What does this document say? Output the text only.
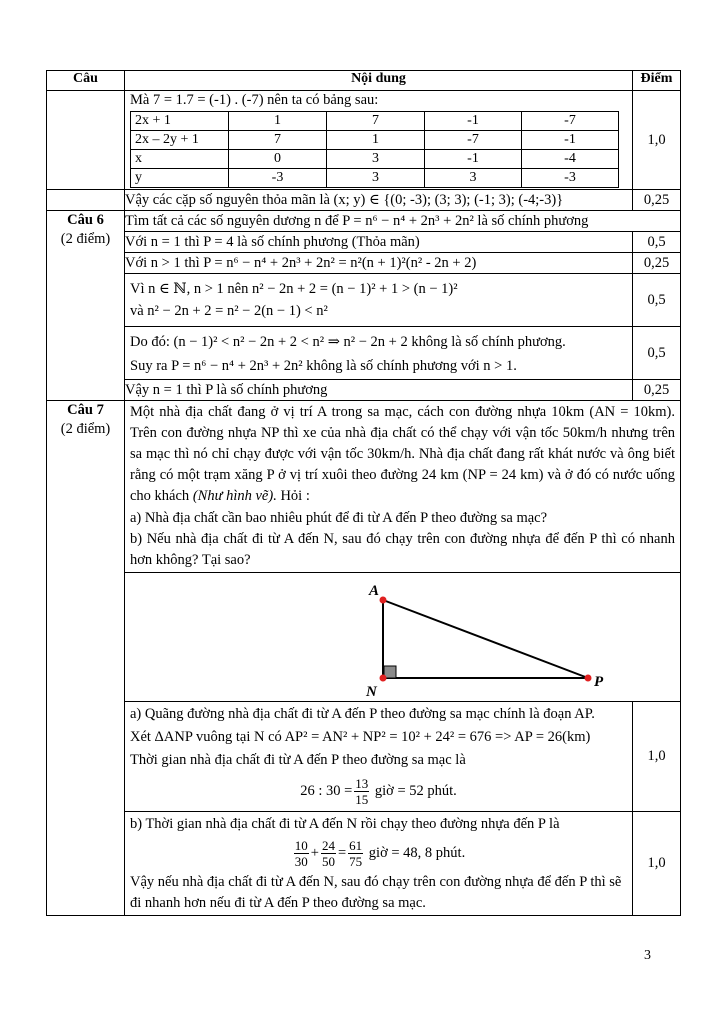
Câu	Nội dung	Điểm

Mà 7 = 1.7 = (-1) . (-7) nên ta có bảng sau:
2x + 1	1	7	-1	-7
2x – 2y + 1	7	1	-7	-1
x	0	3	-1	-4
y	-3	3	3	-3
	1,0
	Vậy các cặp số nguyên thỏa mãn là (x; y) ∈ {(0; -3); (3; 3); (-1; 3); (-4;-3)}	0,25

Câu 6
(2 điểm)
	Tìm tất cả các số nguyên dương n để P = n⁶ − n⁴ + 2n³ + 2n² là số chính phương
Với n = 1 thì P = 4 là số chính phương (Thỏa mãn)	0,5
Với n > 1 thì P = n⁶ − n⁴ + 2n³ + 2n² = n²(n + 1)²(n² - 2n + 2)	0,25

Vì n ∈ ℕ, n > 1 nên n² − 2n + 2 = (n − 1)² + 1 > (n − 1)²
và n² − 2n + 2 = n² − 2(n − 1) < n²
	0,5

Do đó: (n − 1)² < n² − 2n + 2 < n² ⇒ n² − 2n + 2 không là số chính phương.
Suy ra P = n⁶ − n⁴ + 2n³ + 2n² không là số chính phương với n > 1.
	0,5
Vậy n = 1 thì P là số chính phương	0,25

Câu 7
(2 điểm)

Một nhà địa chất đang ở vị trí A trong sa mạc, cách con đường nhựa 10km (AN = 10km). Trên con đường nhựa NP thì xe của nhà địa chất có thể chạy với vận tốc 50km/h nhưng trên sa mạc thì nó chỉ chạy được với vận tốc 30km/h. Nhà địa chất đang rất khát nước và ông biết rằng có một trạm xăng P ở vị trí xuôi theo đường 24 km (NP = 24 km) và ở đó có nước uống cho khách (Như hình vẽ). Hỏi :
a) Nhà địa chất cần bao nhiêu phút để đi từ A đến P theo đường sa mạc?
b) Nếu nhà địa chất đi từ A đến N, sau đó chạy trên con đường nhựa để đến P thì có nhanh hơn không? Tại sao?

A
N
P

a) Quãng đường nhà địa chất đi từ A đến P theo đường sa mạc chính là đoạn AP.
Xét ΔANP vuông tại N có AP² = AN² + NP² = 10² + 24² = 676 => AP = 26(km)
Thời gian nhà địa chất đi từ A đến P theo đường sa mạc là
26 : $30 = \frac{13}{15}$ giờ = 52 phút.
	1,0

b) Thời gian nhà địa chất đi từ A đến N rồi chạy theo đường nhựa đến P là
$\frac{10}{30} + \frac{24}{50} = \frac{61}{75}$ giờ = 48, 8 phút.
Vậy nếu nhà địa chất đi từ A đến N, sau đó chạy trên con đường nhựa để đến P thì sẽ đi nhanh hơn nếu đi từ A đến P theo đường sa mạc.
	1,0
3
